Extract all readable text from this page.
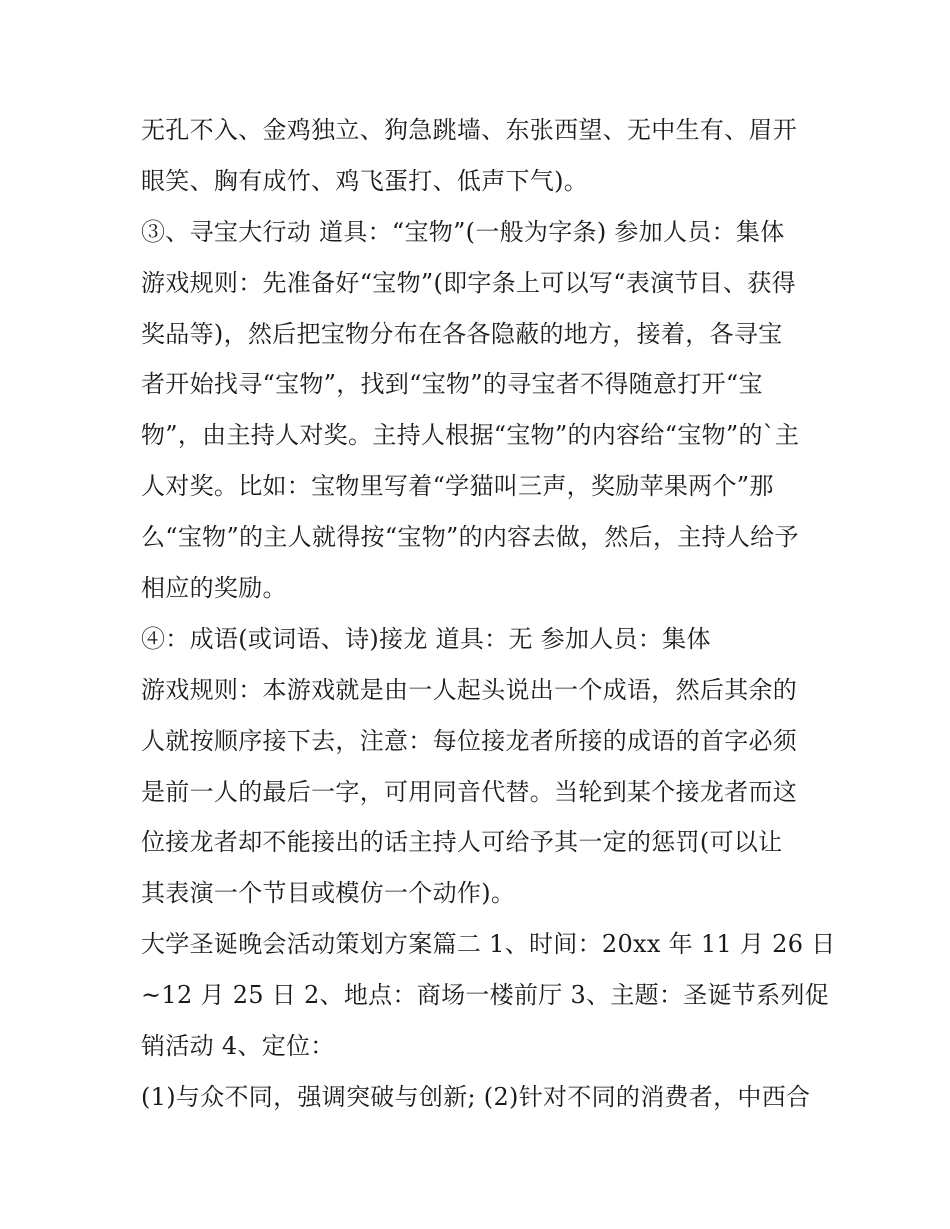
无孔不入、金鸡独立、狗急跳墙、东张西望、无中生有、眉开
眼笑、胸有成竹、鸡飞蛋打、低声下气)。
③、寻宝大行动 道具：“宝物”(一般为字条) 参加人员：集体
游戏规则：先准备好“宝物”(即字条上可以写“表演节目、获得
奖品等)，然后把宝物分布在各各隐蔽的地方，接着，各寻宝
者开始找寻“宝物”，找到“宝物”的寻宝者不得随意打开“宝
物”，由主持人对奖。主持人根据“宝物”的内容给“宝物”的`主
人对奖。比如：宝物里写着“学猫叫三声，奖励苹果两个”那
么“宝物”的主人就得按“宝物”的内容去做，然后，主持人给予
相应的奖励。
④：成语(或词语、诗)接龙 道具：无 参加人员：集体
游戏规则：本游戏就是由一人起头说出一个成语，然后其余的
人就按顺序接下去，注意：每位接龙者所接的成语的首字必须
是前一人的最后一字，可用同音代替。当轮到某个接龙者而这
位接龙者却不能接出的话主持人可给予其一定的惩罚(可以让
其表演一个节目或模仿一个动作)。
大学圣诞晚会活动策划方案篇二 1、时间：20xx 年 11 月 26 日
~12 月 25 日 2、地点：商场一楼前厅 3、主题：圣诞节系列促
销活动 4、定位：
(1)与众不同，强调突破与创新; (2)针对不同的消费者，中西合
